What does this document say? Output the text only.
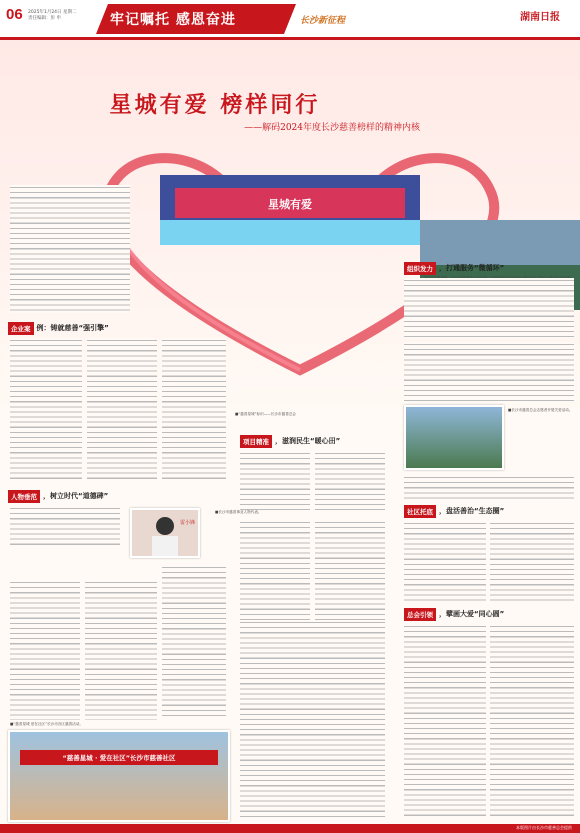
06 2025年1月24日 星期二
责任编辑：彭 申	牢记嘱托 感恩奋进	长沙新征程	湖南日报
星城有爱
星城有爱 榜样同行
——解码2024年度长沙慈善榜样的精神内核
企业案 例：铸就慈善“强引擎”
项目精准 ，滋润民生“暖心田”
■“慈善星城”标识——长沙市慈善总会
人物垂范 ，树立时代“道德碑”
雷小锋
■长沙市慈善事业人物代表。
组织发力 ，打通服务“微循环”
■长沙市慈善总会志愿者开展关爱活动。
社区托底 ，盘活善治“生态圈”
总会引领 ，擘画大爱“同心圆”
■“慈善星城 爱在社区”长沙市各区慈善活动。
“慈善星城 · 爱在社区”长沙市慈善社区
本版图片由长沙市慈善总会提供
